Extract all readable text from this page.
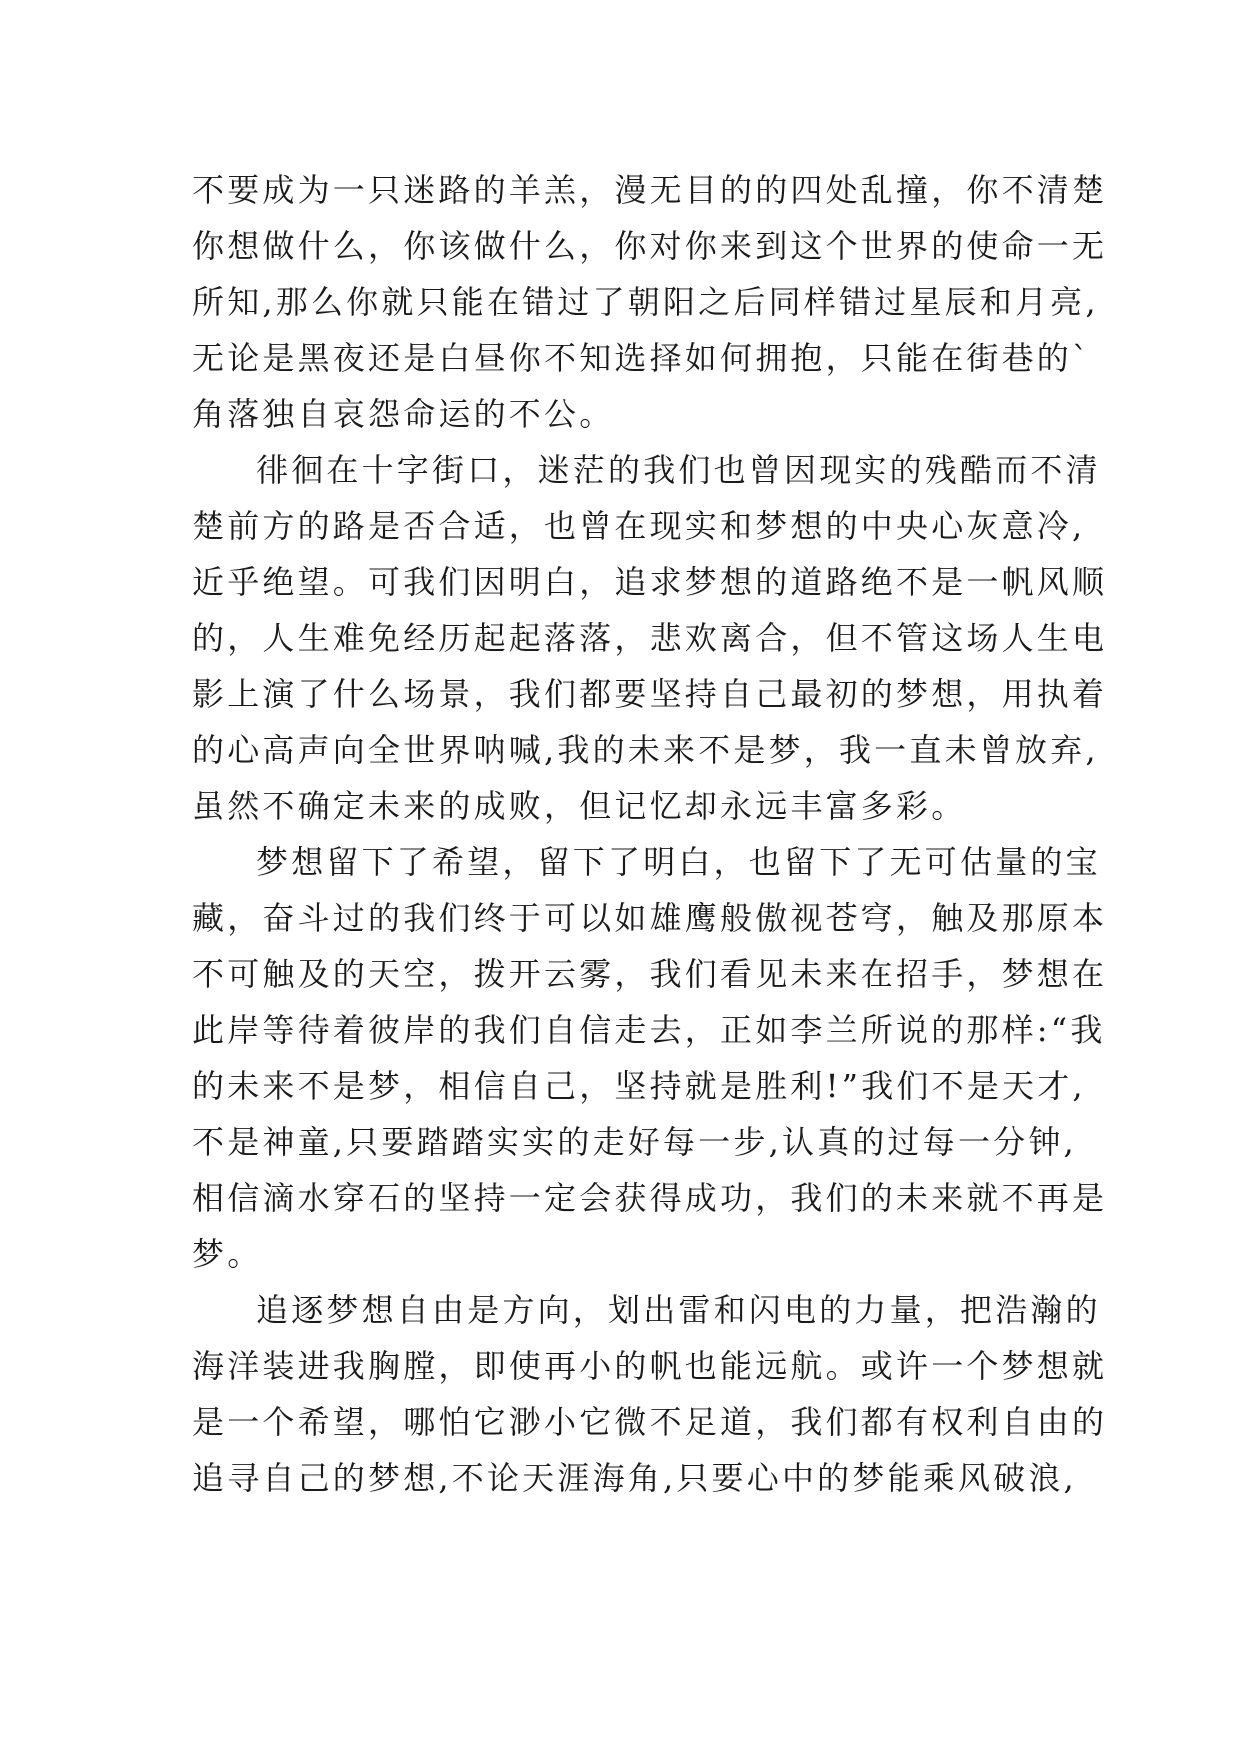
不要成为一只迷路的羊羔，漫无目的的四处乱撞，你不清楚
你想做什么，你该做什么，你对你来到这个世界的使命一无
所知,那么你就只能在错过了朝阳之后同样错过星辰和月亮,
无论是黑夜还是白昼你不知选择如何拥抱，只能在街巷的`
角落独自哀怨命运的不公。
徘徊在十字街口，迷茫的我们也曾因现实的残酷而不清
楚前方的路是否合适，也曾在现实和梦想的中央心灰意冷,
近乎绝望。可我们因明白，追求梦想的道路绝不是一帆风顺
的，人生难免经历起起落落，悲欢离合，但不管这场人生电
影上演了什么场景，我们都要坚持自己最初的梦想，用执着
的心高声向全世界呐喊,我的未来不是梦，我一直未曾放弃,
虽然不确定未来的成败，但记忆却永远丰富多彩。
梦想留下了希望，留下了明白，也留下了无可估量的宝
藏，奋斗过的我们终于可以如雄鹰般傲视苍穹，触及那原本
不可触及的天空，拨开云雾，我们看见未来在招手，梦想在
此岸等待着彼岸的我们自信走去，正如李兰所说的那样:“我
的未来不是梦，相信自己，坚持就是胜利!”我们不是天才,
不是神童,只要踏踏实实的走好每一步,认真的过每一分钟,
相信滴水穿石的坚持一定会获得成功，我们的未来就不再是
梦。
追逐梦想自由是方向，划出雷和闪电的力量，把浩瀚的
海洋装进我胸膛，即使再小的帆也能远航。或许一个梦想就
是一个希望，哪怕它渺小它微不足道，我们都有权利自由的
追寻自己的梦想,不论天涯海角,只要心中的梦能乘风破浪,
